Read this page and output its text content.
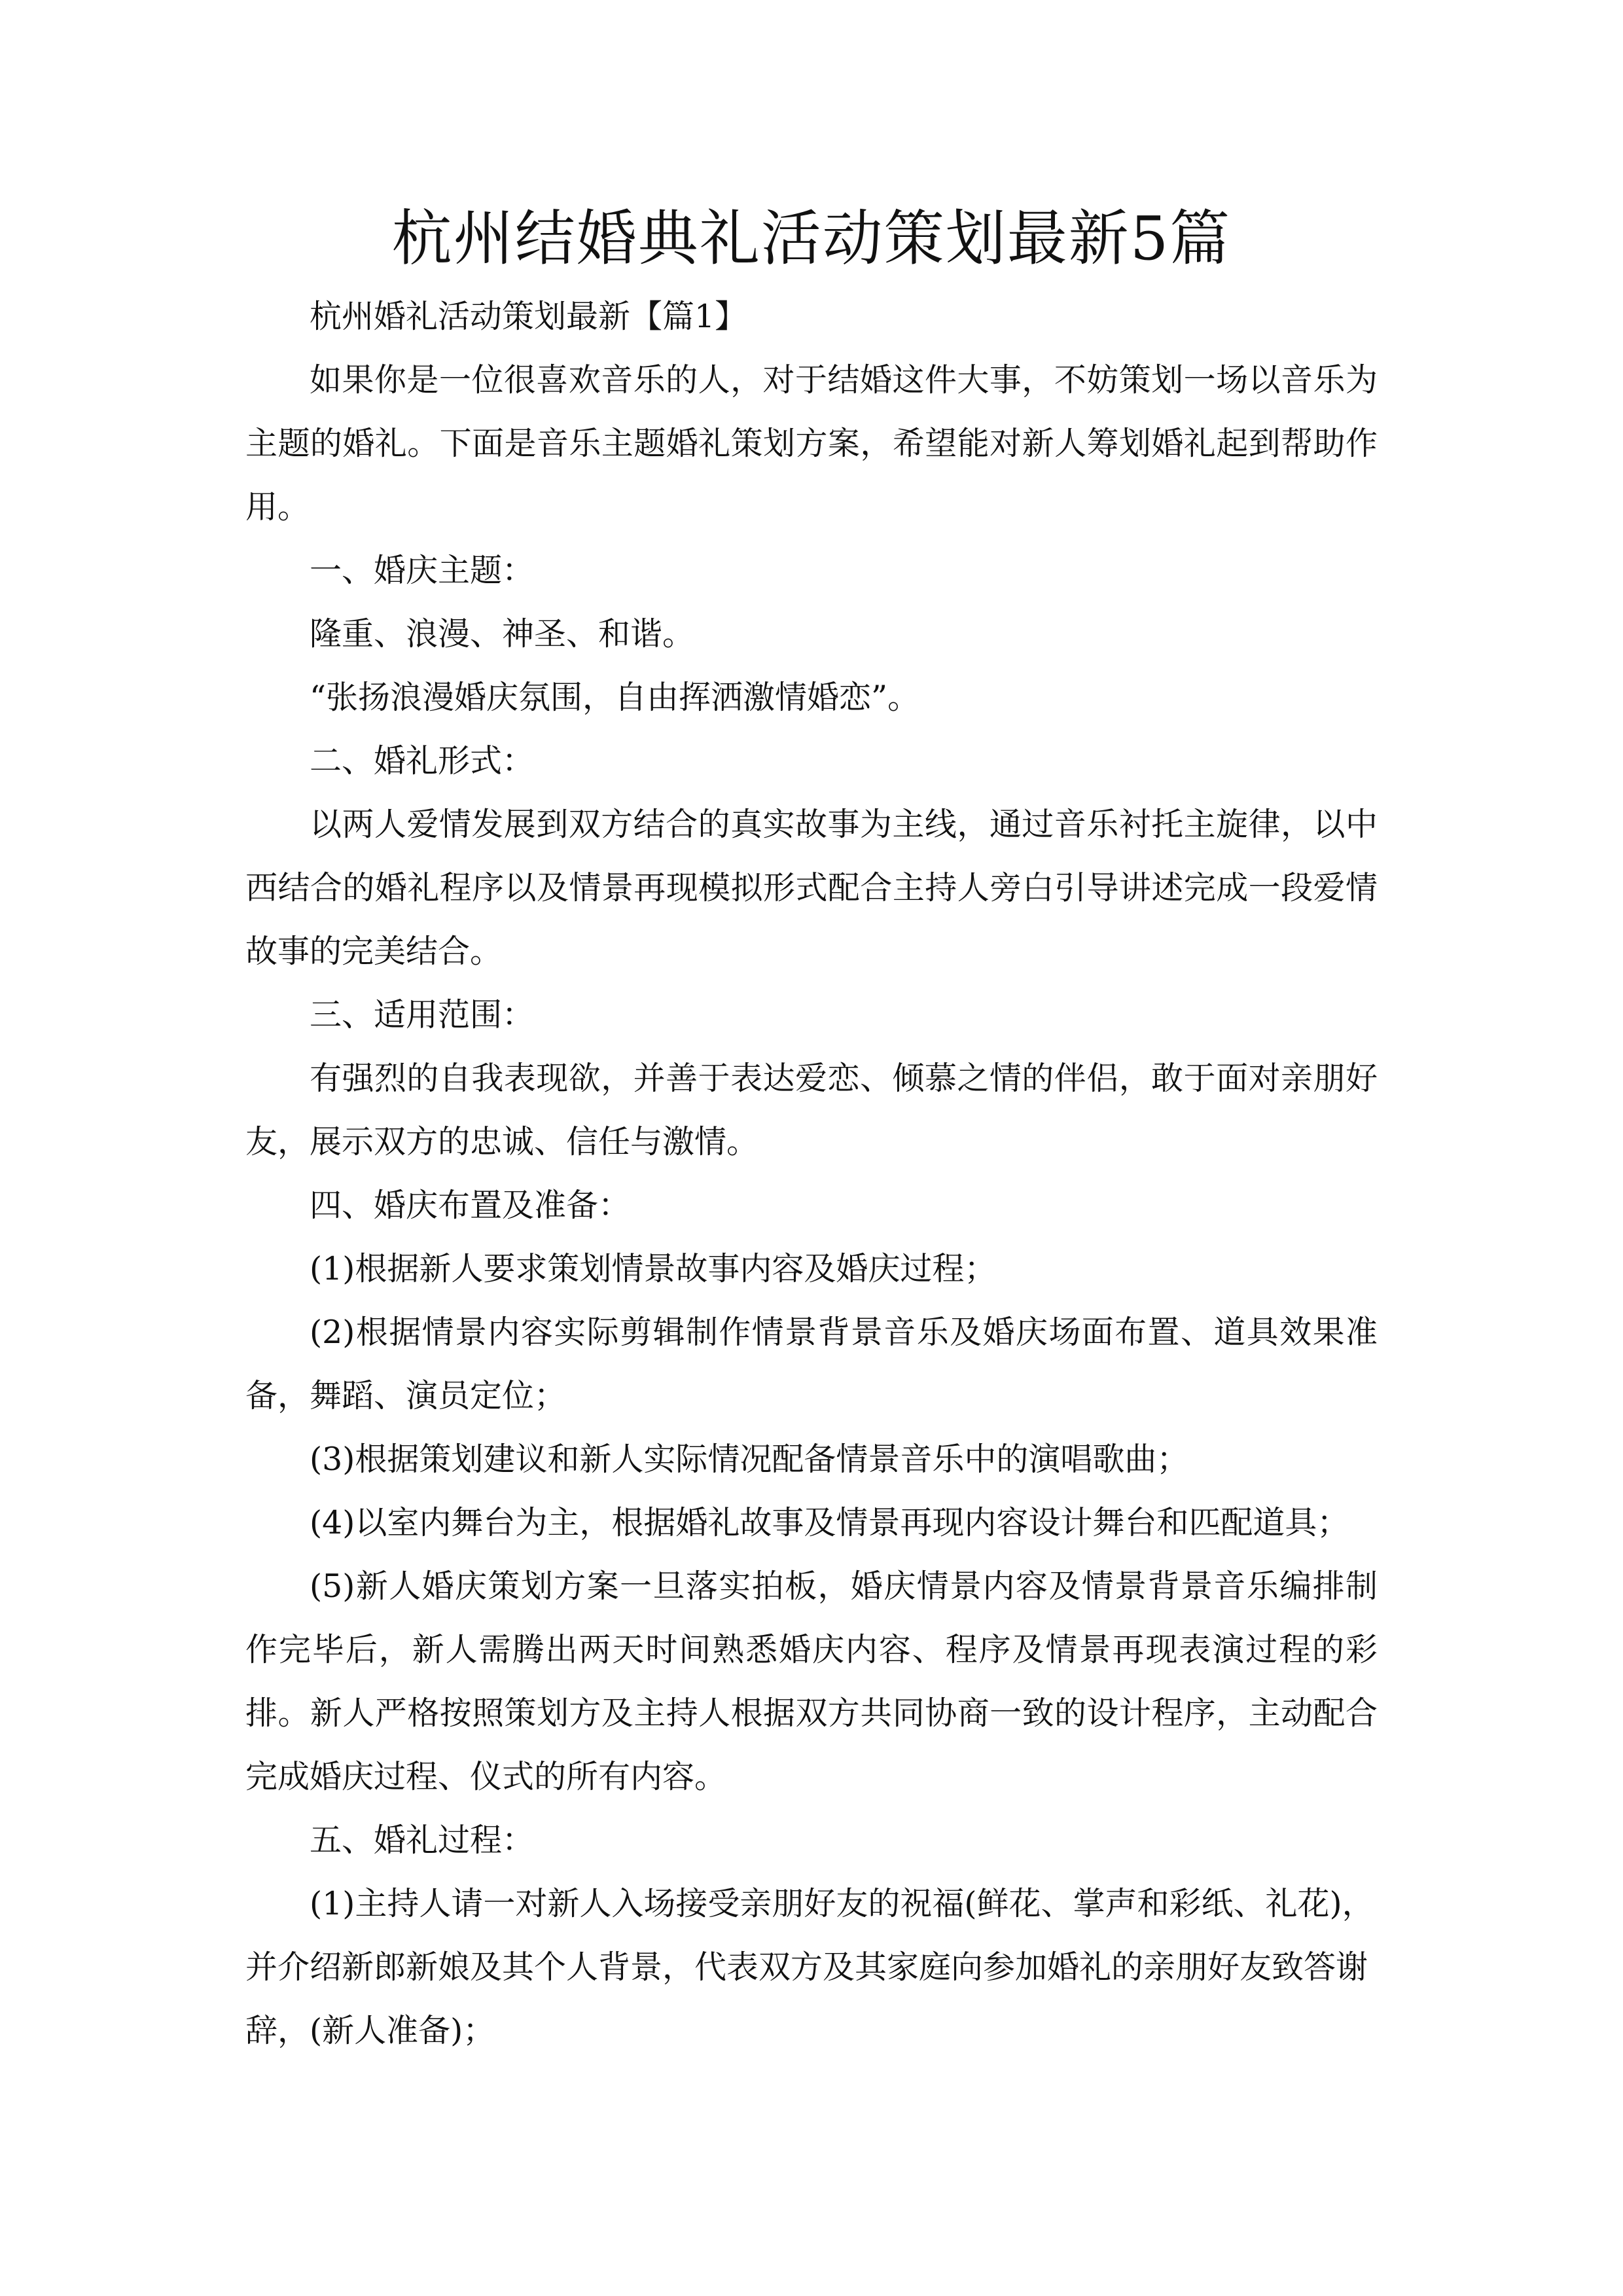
杭州结婚典礼活动策划最新5篇

杭州婚礼活动策划最新【篇1】

如果你是一位很喜欢音乐的人，对于结婚这件大事，不妨策划一场以音乐为主题的婚礼。下面是音乐主题婚礼策划方案，希望能对新人筹划婚礼起到帮助作用。

一、婚庆主题：

隆重、浪漫、神圣、和谐。

“张扬浪漫婚庆氛围，自由挥洒激情婚恋”。

二、婚礼形式：

以两人爱情发展到双方结合的真实故事为主线，通过音乐衬托主旋律，以中西结合的婚礼程序以及情景再现模拟形式配合主持人旁白引导讲述完成一段爱情故事的完美结合。

三、适用范围：

有强烈的自我表现欲，并善于表达爱恋、倾慕之情的伴侣，敢于面对亲朋好友，展示双方的忠诚、信任与激情。

四、婚庆布置及准备：

(1)根据新人要求策划情景故事内容及婚庆过程；

(2)根据情景内容实际剪辑制作情景背景音乐及婚庆场面布置、道具效果准备，舞蹈、演员定位；

(3)根据策划建议和新人实际情况配备情景音乐中的演唱歌曲；

(4)以室内舞台为主，根据婚礼故事及情景再现内容设计舞台和匹配道具；

(5)新人婚庆策划方案一旦落实拍板，婚庆情景内容及情景背景音乐编排制作完毕后，新人需腾出两天时间熟悉婚庆内容、程序及情景再现表演过程的彩排。新人严格按照策划方及主持人根据双方共同协商一致的设计程序，主动配合完成婚庆过程、仪式的所有内容。

五、婚礼过程：

(1)主持人请一对新人入场接受亲朋好友的祝福(鲜花、掌声和彩纸、礼花)，并介绍新郎新娘及其个人背景，代表双方及其家庭向参加婚礼的亲朋好友致答谢辞，(新人准备)；
